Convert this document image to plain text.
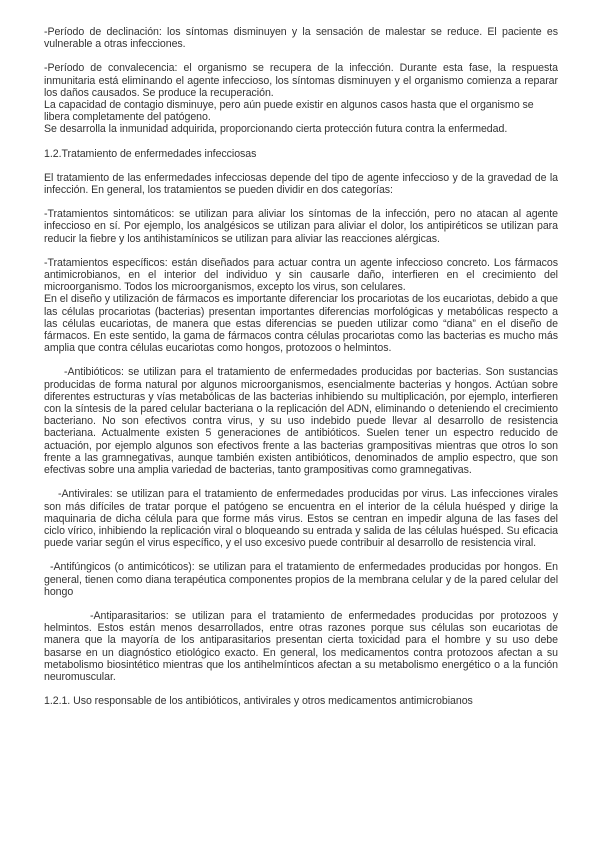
-Período de declinación: los síntomas disminuyen y la sensación de malestar se reduce. El paciente es vulnerable a otras infecciones.

-Período de convalecencia: el organismo se recupera de la infección. Durante esta fase, la respuesta inmunitaria está eliminando el agente infeccioso, los síntomas disminuyen y el organismo comienza a reparar los daños causados. Se produce la recuperación.

La capacidad de contagio disminuye, pero aún puede existir en algunos casos hasta que el organismo se libera completamente del patógeno.

Se desarrolla la inmunidad adquirida, proporcionando cierta protección futura contra la enfermedad.

1.2.Tratamiento de enfermedades infecciosas

El tratamiento de las enfermedades infecciosas depende del tipo de agente infeccioso y de la gravedad de la infección. En general, los tratamientos se pueden dividir en dos categorías:

-Tratamientos sintomáticos: se utilizan para aliviar los síntomas de la infección, pero no atacan al agente infeccioso en sí. Por ejemplo, los analgésicos se utilizan para aliviar el dolor, los antipiréticos se utilizan para reducir la fiebre y los antihistamínicos se utilizan para aliviar las reacciones alérgicas.

-Tratamientos específicos: están diseñados para actuar contra un agente infeccioso concreto. Los fármacos antimicrobianos, en el interior del individuo y sin causarle daño, interfieren en el crecimiento del microorganismo. Todos los microorganismos, excepto los virus, son celulares.

En el diseño y utilización de fármacos es importante diferenciar los procariotas de los eucariotas, debido a que las células procariotas (bacterias) presentan importantes diferencias morfológicas y metabólicas respecto a las células eucariotas, de manera que estas diferencias se pueden utilizar como “diana” en el diseño de fármacos. En este sentido, la gama de fármacos contra células procariotas como las bacterias es mucho más amplia que contra células eucariotas como hongos, protozoos o helmintos.

-Antibióticos: se utilizan para el tratamiento de enfermedades producidas por bacterias. Son sustancias producidas de forma natural por algunos microorganismos, esencialmente bacterias y hongos. Actúan sobre diferentes estructuras y vías metabólicas de las bacterias inhibiendo su multiplicación, por ejemplo, interfieren con la síntesis de la pared celular bacteriana o la replicación del ADN, eliminando o deteniendo el crecimiento bacteriano. No son efectivos contra virus, y su uso indebido puede llevar al desarrollo de resistencia bacteriana. Actualmente existen 5 generaciones de antibióticos. Suelen tener un espectro reducido de actuación, por ejemplo algunos son efectivos frente a las bacterias grampositivas mientras que otros lo son frente a las gramnegativas, aunque también existen antibióticos, denominados de amplio espectro, que son efectivas sobre una amplia variedad de bacterias, tanto grampositivas como gramnegativas.

-Antivirales: se utilizan para el tratamiento de enfermedades producidas por virus. Las infecciones virales son más difíciles de tratar porque el patógeno se encuentra en el interior de la célula huésped y dirige la maquinaria de dicha célula para que forme más virus. Estos se centran en impedir alguna de las fases del ciclo vírico, inhibiendo la replicación viral o bloqueando su entrada y salida de las células huésped. Su eficacia puede variar según el virus específico, y el uso excesivo puede contribuir al desarrollo de resistencia viral.

-Antifúngicos (o antimicóticos): se utilizan para el tratamiento de enfermedades producidas por hongos. En general, tienen como diana terapéutica componentes propios de la membrana celular y de la pared celular del hongo

-Antiparasitarios: se utilizan para el tratamiento de enfermedades producidas por protozoos y helmintos. Estos están menos desarrollados, entre otras razones porque sus células son eucariotas de manera que la mayoría de los antiparasitarios presentan cierta toxicidad para el hombre y su uso debe basarse en un diagnóstico etiológico exacto. En general, los medicamentos contra protozoos afectan a su metabolismo biosintético mientras que los antihelmínticos afectan a su metabolismo energético o a la función neuromuscular.

1.2.1. Uso responsable de los antibióticos, antivirales y otros medicamentos antimicrobianos
